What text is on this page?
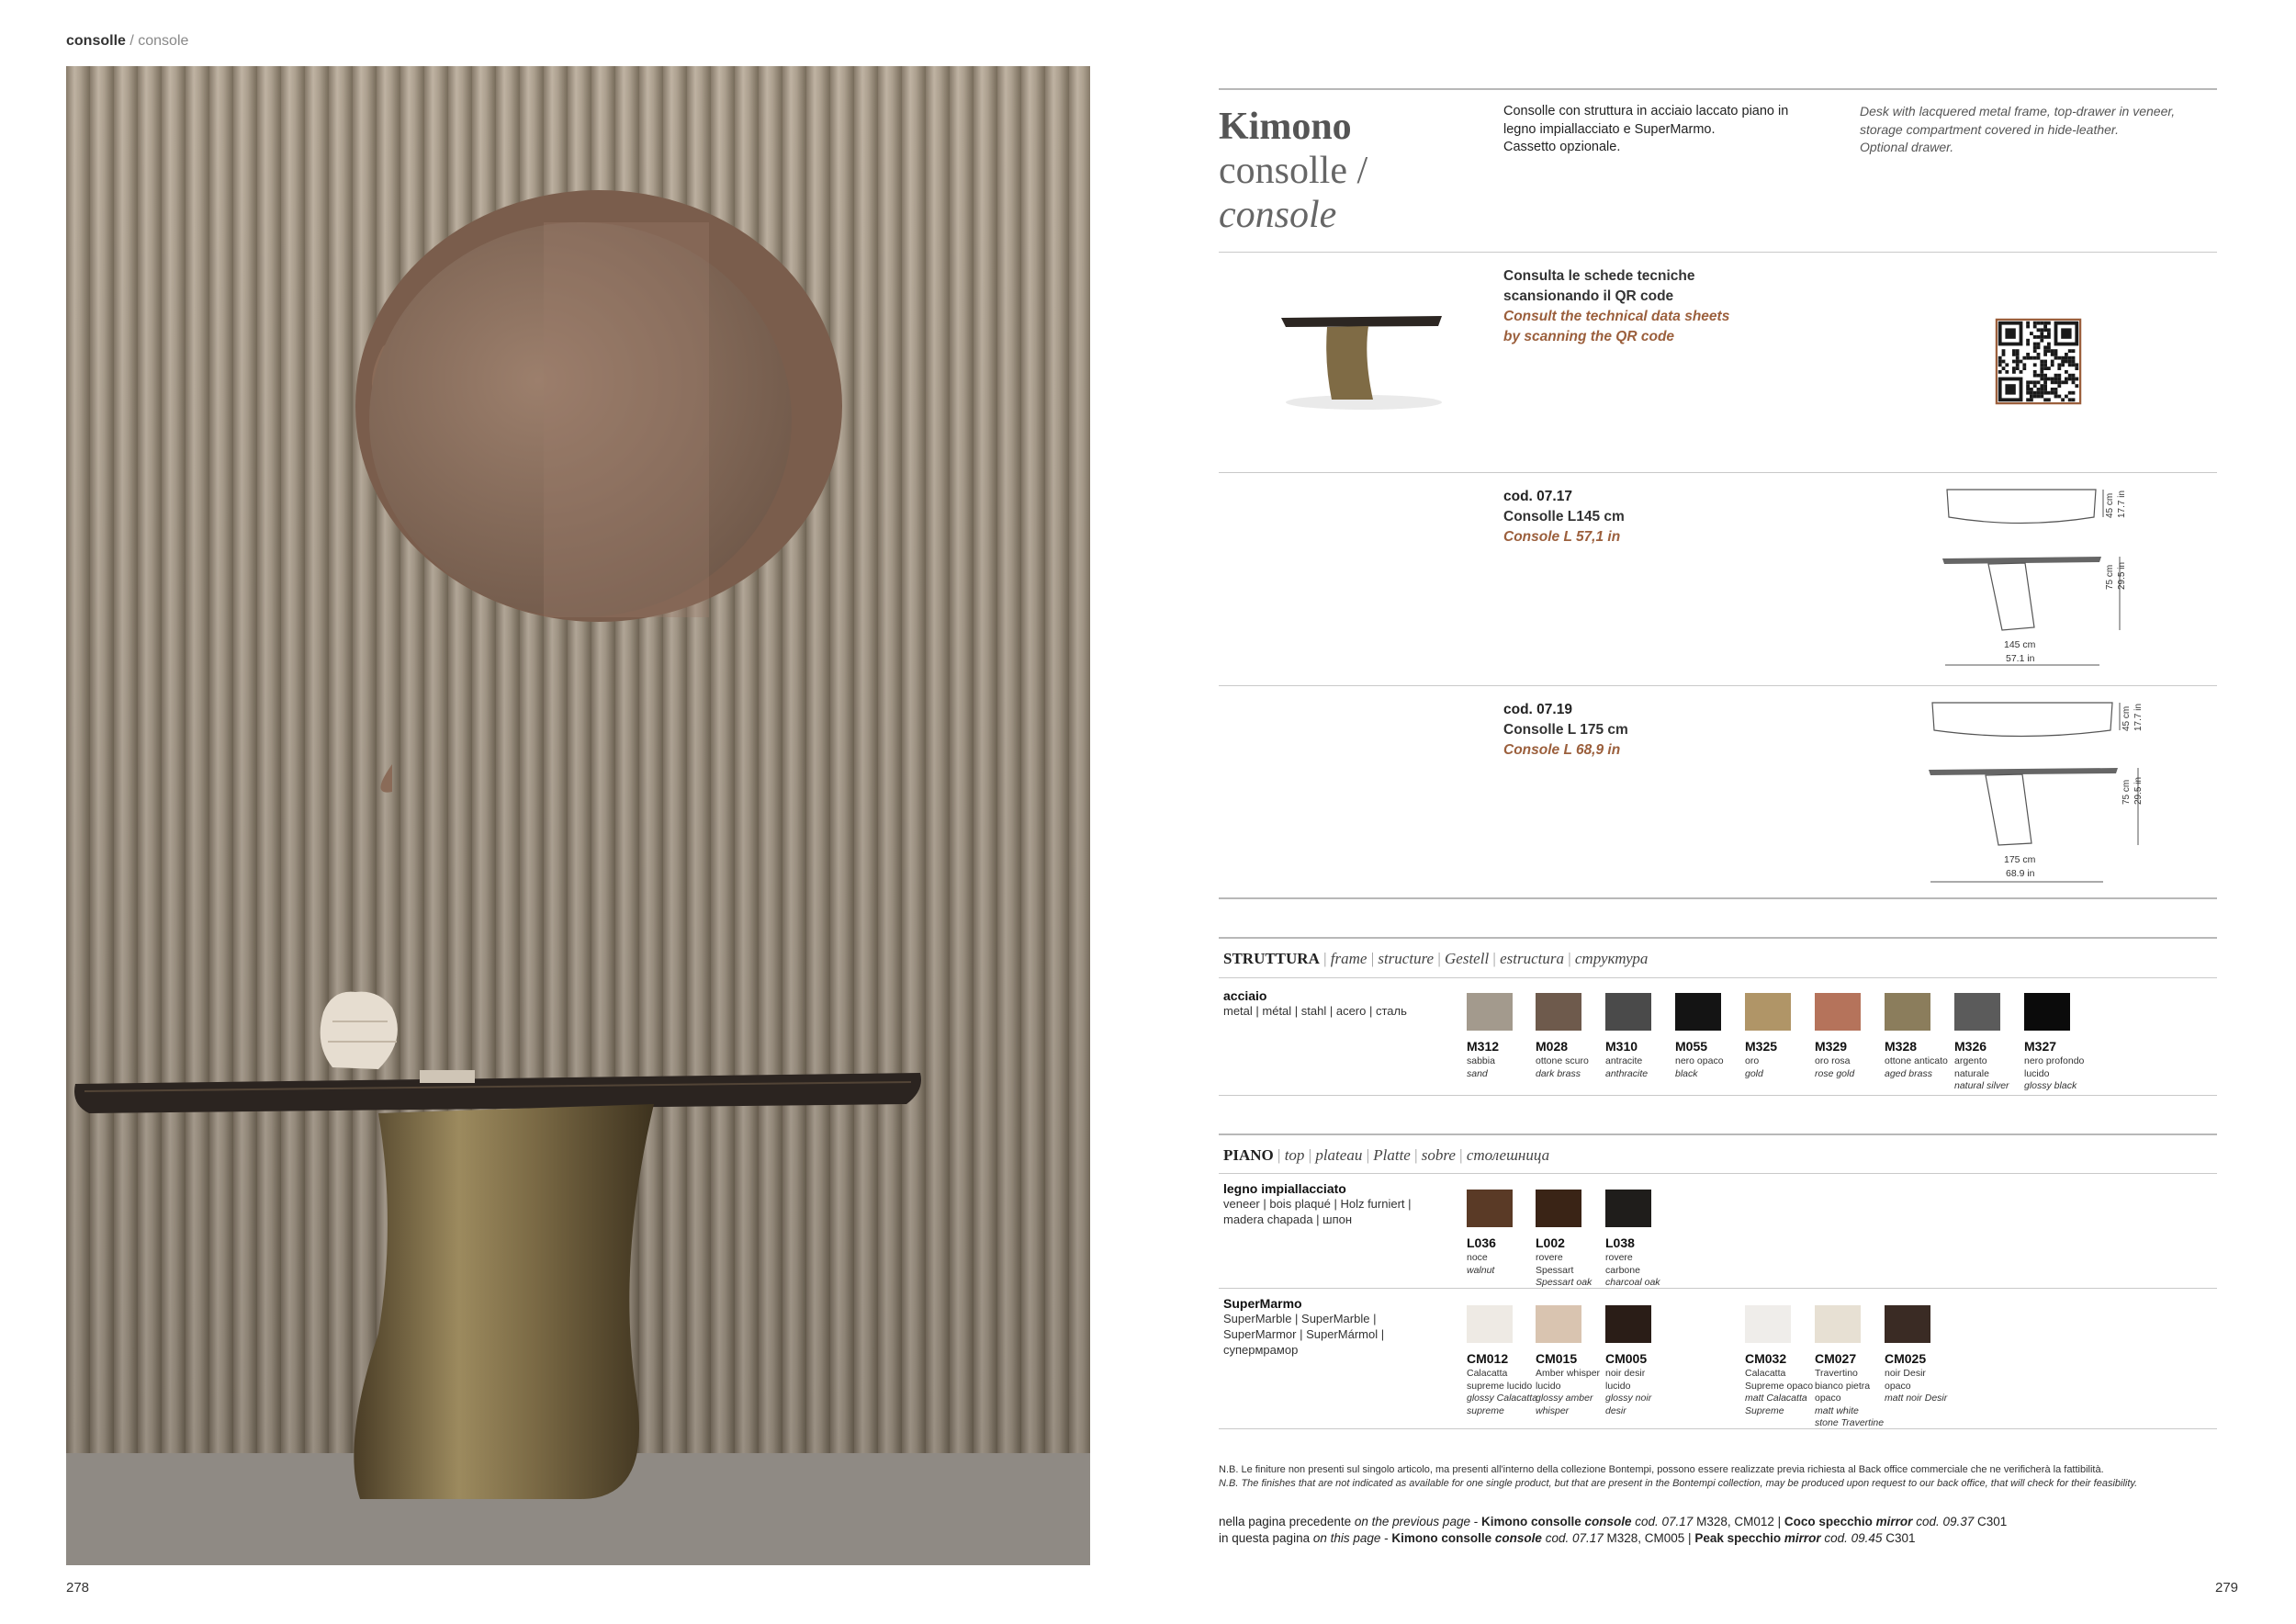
consolle / console
278
Kimono
consolle /
console
Consolle con struttura in acciaio laccato piano in
legno impiallacciato e SuperMarmo.
Cassetto opzionale.
Desk with lacquered metal frame, top-drawer in veneer,
storage compartment covered in hide-leather.
Optional drawer.
Consulta le schede tecniche
scansionando il QR code
Consult the technical data sheets
by scanning the QR code
cod. 07.17
Consolle L145 cm
Console L 57,1 in
45 cm 17.7 in
75 cm 29.5 in
145 cm
57.1 in
cod. 07.19
Consolle L 175 cm
Console L 68,9 in
45 cm 17.7 in
75 cm 29.5 in
175 cm
68.9 in
STRUTTURA | frame | structure | Gestell | estructura | структура
acciaio
metal | métal | stahl | acero | сталь
M312
sabbia
sand
M028
ottone scuro
dark brass
M310
antracite
anthracite
M055
nero opaco
black
M325
oro
gold
M329
oro rosa
rose gold
M328
ottone anticato
aged brass
M326
argento
naturale
natural silver
M327
nero profondo
lucido
glossy black
PIANO | top | plateau | Platte | sobre | столешница
legno impiallacciato
veneer | bois plaqué | Holz furniert |
madera chapada | шпон
L036
noce
walnut
L002
rovere
Spessart
Spessart oak
L038
rovere
carbone
charcoal oak
SuperMarmo
SuperMarble | SuperMarble |
SuperMarmor | SuperMármol |
супермрамор
CM012
Calacatta
supreme lucido
glossy Calacatta
supreme
CM015
Amber whisper
lucido
glossy amber
whisper
CM005
noir desir
lucido
glossy noir
desir
CM032
Calacatta
Supreme opaco
matt Calacatta
Supreme
CM027
Travertino
bianco pietra
opaco
matt white
stone Travertine
CM025
noir Desir
opaco
matt noir Desir
N.B. Le finiture non presenti sul singolo articolo, ma presenti all'interno della collezione Bontempi, possono essere realizzate previa richiesta al Back office commerciale che ne verificherà la fattibilità.
N.B. The finishes that are not indicated as available for one single product, but that are present in the Bontempi collection, may be produced upon request to our back office, that will check for their feasibility.
nella pagina precedente on the previous page - Kimono consolle console cod. 07.17 M328, CM012 | Coco specchio mirror cod. 09.37 C301
in questa pagina on this page - Kimono consolle console cod. 07.17 M328, CM005 | Peak specchio mirror cod. 09.45 C301
279
